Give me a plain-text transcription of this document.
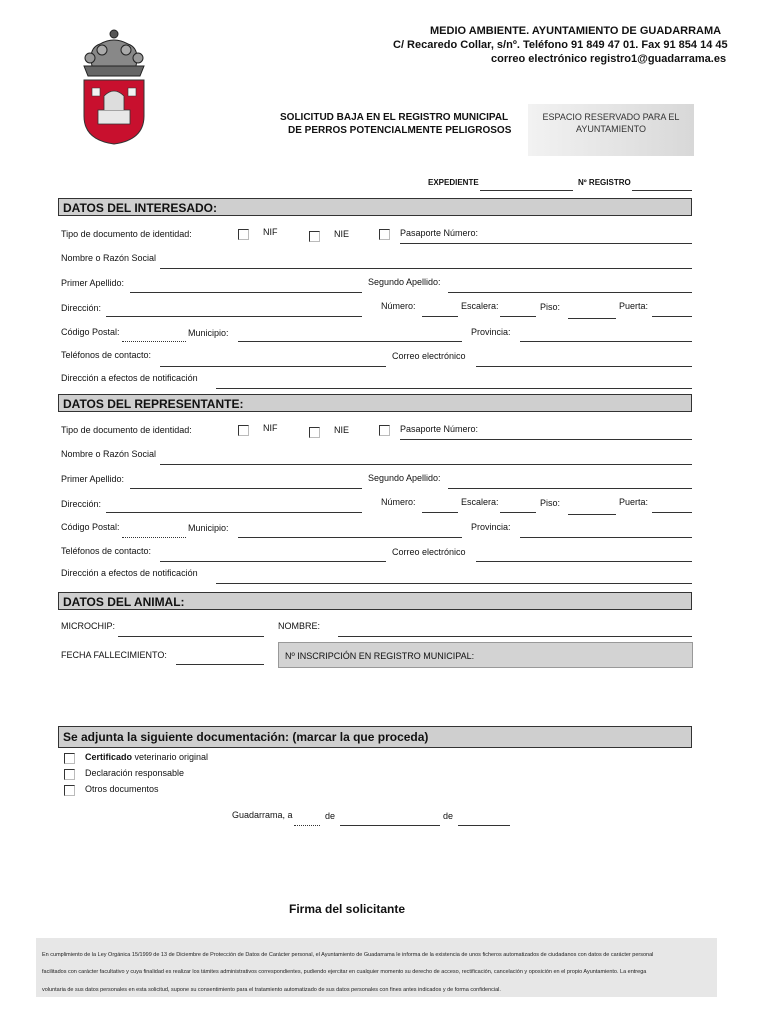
MEDIO AMBIENTE. AYUNTAMIENTO DE GUADARRAMA
C/ Recaredo Collar, s/nº. Teléfono 91 849 47 01. Fax 91 854 14 45
correo electrónico registro1@guadarrama.es
SOLICITUD BAJA EN EL REGISTRO MUNICIPAL
DE PERROS POTENCIALMENTE PELIGROSOS
ESPACIO RESERVADO PARA EL
AYUNTAMIENTO
EXPEDIENTE	Nº REGISTRO
DATOS DEL INTERESADO:
Tipo de documento de identidad:	NIF	NIE	Pasaporte Número:
Nombre o Razón Social
Primer Apellido:	Segundo Apellido:
Dirección:	Número:	Escalera:	Piso:	Puerta:
Código Postal:	Municipio:	Provincia:
Teléfonos de contacto:	Correo electrónico
Dirección a efectos de notificación
DATOS DEL REPRESENTANTE:
Tipo de documento de identidad:	NIF	NIE	Pasaporte Número:
Nombre o Razón Social
Primer Apellido:	Segundo Apellido:
Dirección:	Número:	Escalera:	Piso:	Puerta:
Código Postal:	Municipio:	Provincia:
Teléfonos de contacto:	Correo electrónico
Dirección a efectos de notificación
DATOS DEL ANIMAL:
MICROCHIP:	NOMBRE:
FECHA FALLECIMIENTO:	Nº INSCRIPCIÓN EN REGISTRO MUNICIPAL:
Se adjunta la siguiente documentación: (marcar la que proceda)
Certificado veterinario original
Declaración responsable
Otros documentos
Guadarrama, a	de	de
Firma del solicitante

En cumplimiento de la Ley Orgánica 15/1999 de 13 de Diciembre de Protección de Datos de Carácter personal, el Ayuntamiento de Guadarrama le informa de la existencia de unos ficheros automatizados de ciudadanos con datos de carácter personal

facilitados con carácter facultativo y cuya finalidad es realizar los támites administrativos correspondientes, pudiendo ejercitar en cualquier momento su derecho de acceso, rectificación, cancelación y oposición en el propio Ayuntamiento. La entrega

voluntaria de sus datos personales en esta solicitud, supone su consentimiento para el tratamiento automatizado de sus datos personales con fines antes indicados y de forma confidencial.
